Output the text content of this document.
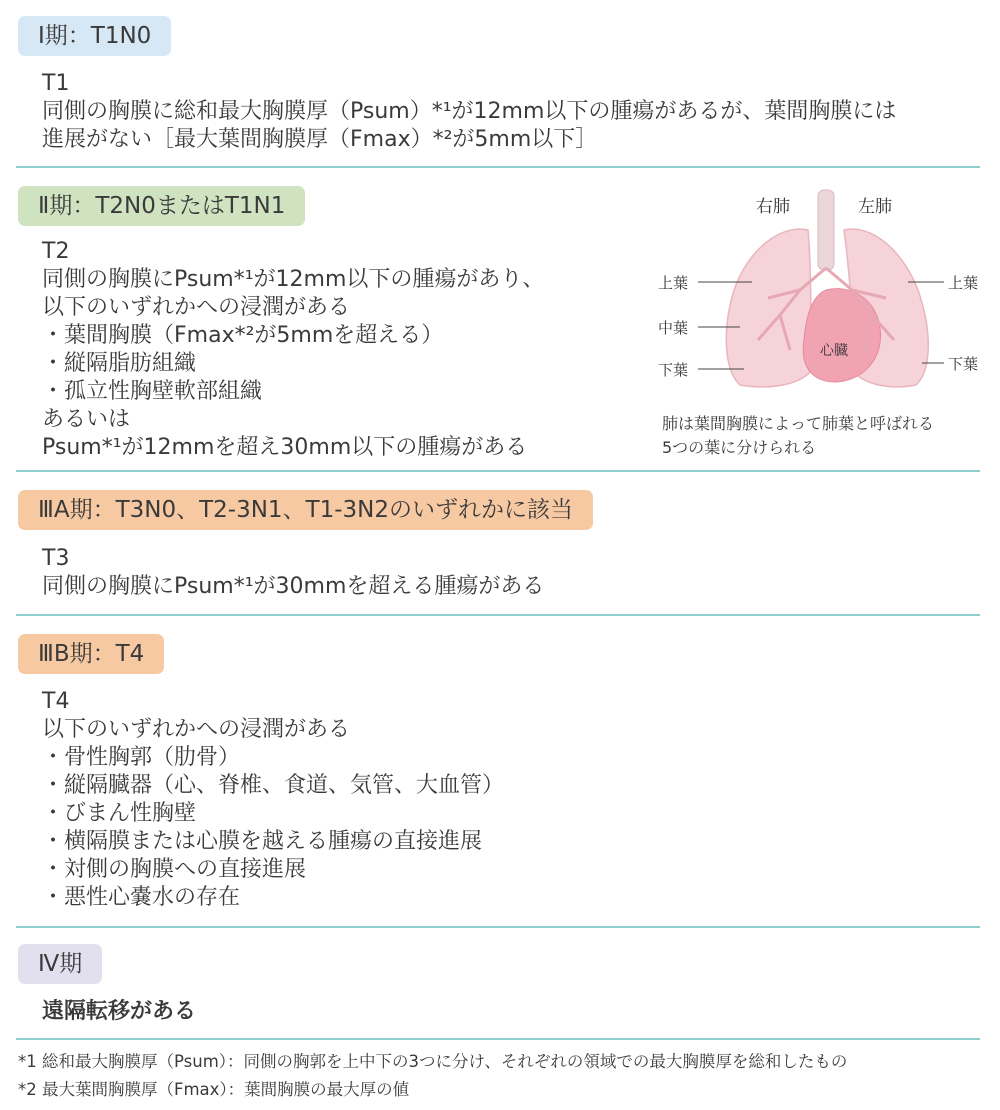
Ⅰ期：T1N0
T1
同側の胸膜に総和最大胸膜厚（Psum）*¹が12mm以下の腫瘍があるが、葉間胸膜には
進展がない［最大葉間胸膜厚（Fmax）*²が5mm以下］
Ⅱ期：T2N0またはT1N1
T2
同側の胸膜にPsum*¹が12mm以下の腫瘍があり、
以下のいずれかへの浸潤がある
・葉間胸膜（Fmax*²が5mmを超える）
・縦隔脂肪組織
・孤立性胸壁軟部組織
あるいは
Psum*¹が12mmを超え30mm以下の腫瘍がある
右肺	左肺
上葉
中葉
下葉
上葉
下葉
心臓
肺は葉間胸膜によって肺葉と呼ばれる
5つの葉に分けられる
ⅢA期：T3N0、T2-3N1、T1-3N2のいずれかに該当
T3
同側の胸膜にPsum*¹が30mmを超える腫瘍がある
ⅢB期：T4
T4
以下のいずれかへの浸潤がある
・骨性胸郭（肋骨）
・縦隔臓器（心、脊椎、食道、気管、大血管）
・びまん性胸壁
・横隔膜または心膜を越える腫瘍の直接進展
・対側の胸膜への直接進展
・悪性心嚢水の存在
Ⅳ期
遠隔転移がある
*1 総和最大胸膜厚（Psum）：同側の胸郭を上中下の3つに分け、それぞれの領域での最大胸膜厚を総和したもの
*2 最大葉間胸膜厚（Fmax）：葉間胸膜の最大厚の値
